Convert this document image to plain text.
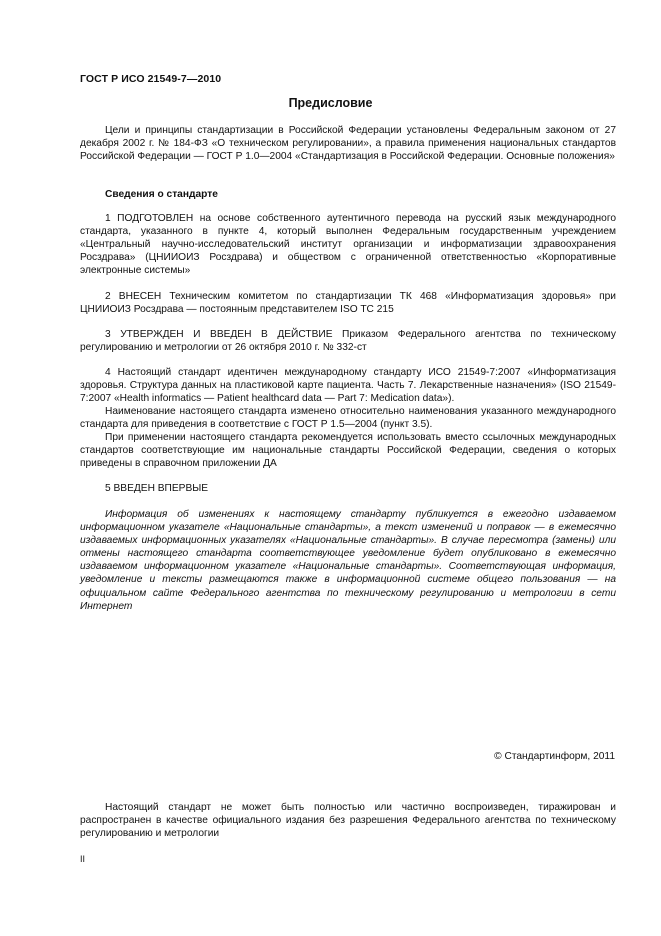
ГОСТ Р ИСО 21549-7—2010
Предисловие

Цели и принципы стандартизации в Российской Федерации установлены Федеральным законом от 27 декабря 2002 г. № 184-ФЗ «О техническом регулировании», а правила применения национальных стандартов Российской Федерации — ГОСТ Р 1.0—2004 «Стандартизация в Российской Федерации. Основные положения»

Сведения о стандарте

1 ПОДГОТОВЛЕН на основе собственного аутентичного перевода на русский язык международного стандарта, указанного в пункте 4, который выполнен Федеральным государственным учреждением «Центральный научно-исследовательский институт организации и информатизации здравоохранения Росздрава» (ЦНИИОИЗ Росздрава) и обществом с ограниченной ответственностью «Корпоративные электронные системы»

2 ВНЕСЕН Техническим комитетом по стандартизации ТК 468 «Информатизация здоровья» при ЦНИИОИЗ Росздрава — постоянным представителем ISO TC 215

3 УТВЕРЖДЕН И ВВЕДЕН В ДЕЙСТВИЕ Приказом Федерального агентства по техническому регулированию и метрологии от 26 октября 2010 г. № 332-ст

4 Настоящий стандарт идентичен международному стандарту ИСО 21549-7:2007 «Информатизация здоровья. Структура данных на пластиковой карте пациента. Часть 7. Лекарственные назначения» (ISO 21549-7:2007 «Health informatics — Patient healthcard data — Part 7: Medication data»).

Наименование настоящего стандарта изменено относительно наименования указанного международного стандарта для приведения в соответствие с ГОСТ Р 1.5—2004 (пункт 3.5).

При применении настоящего стандарта рекомендуется использовать вместо ссылочных международных стандартов соответствующие им национальные стандарты Российской Федерации, сведения о которых приведены в справочном приложении ДА

5 ВВЕДЕН ВПЕРВЫЕ

Информация об изменениях к настоящему стандарту публикуется в ежегодно издаваемом информационном указателе «Национальные стандарты», а текст изменений и поправок — в ежемесячно издаваемых информационных указателях «Национальные стандарты». В случае пересмотра (замены) или отмены настоящего стандарта соответствующее уведомление будет опубликовано в ежемесячно издаваемом информационном указателе «Национальные стандарты». Соответствующая информация, уведомление и тексты размещаются также в информационной системе общего пользования — на официальном сайте Федерального агентства по техническому регулированию и метрологии в сети Интернет

© Стандартинформ, 2011

Настоящий стандарт не может быть полностью или частично воспроизведен, тиражирован и распространен в качестве официального издания без разрешения Федерального агентства по техническому регулированию и метрологии

II
